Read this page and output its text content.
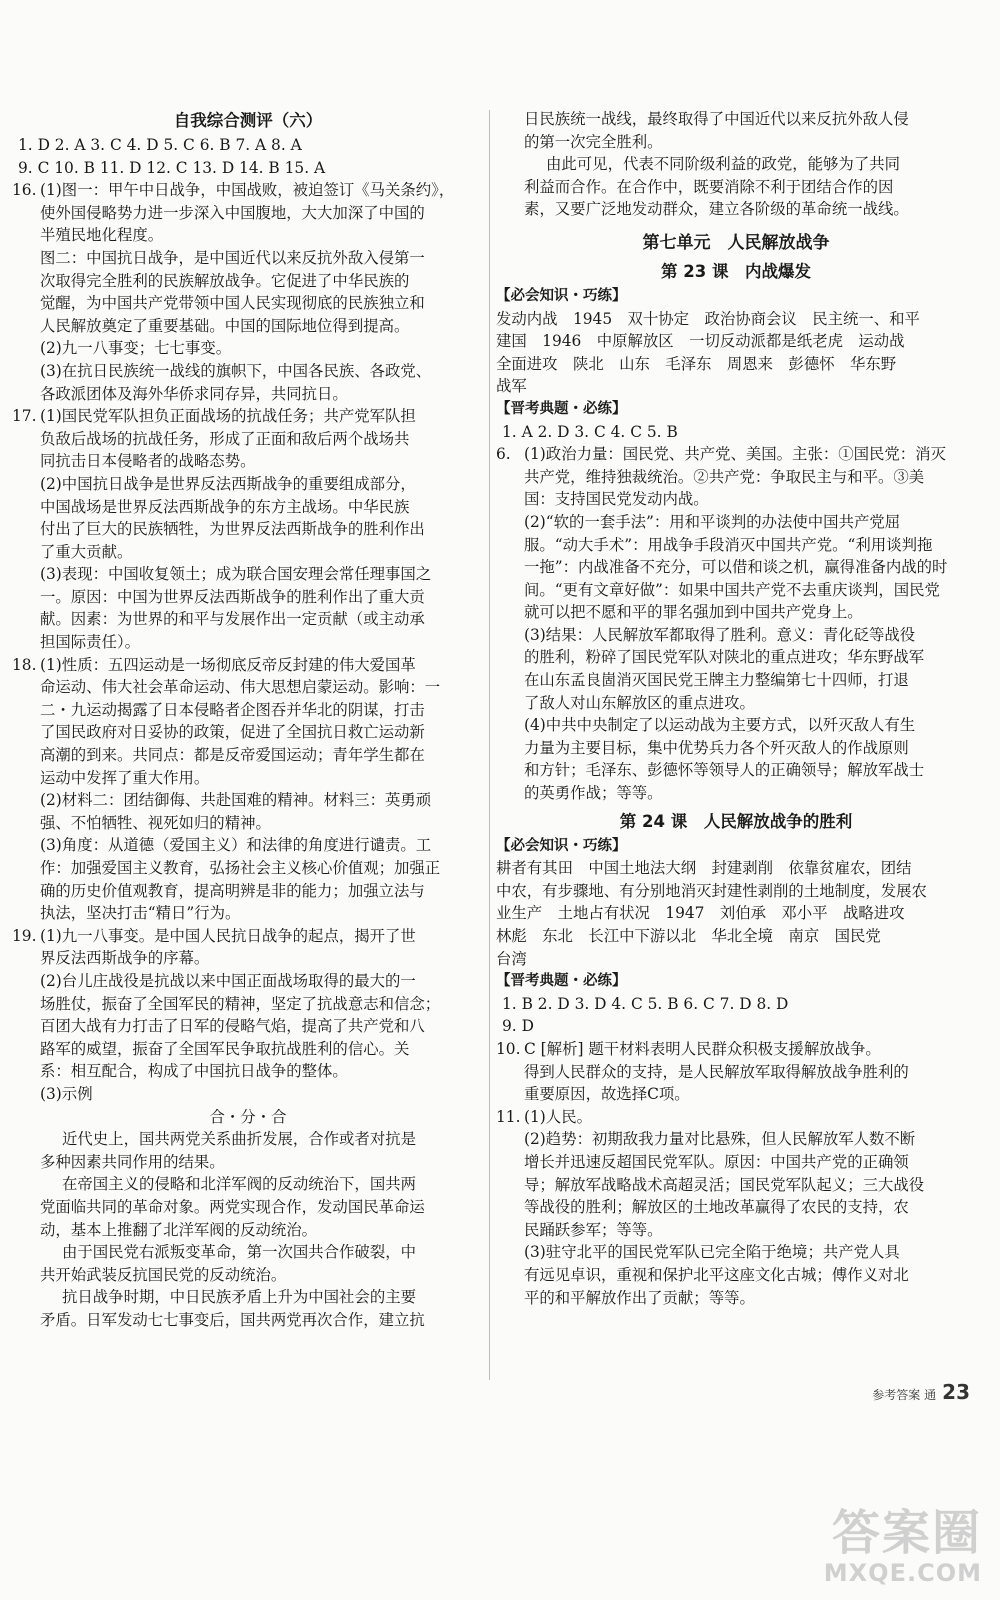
自我综合测评（六）

1. D 2. A 3. C 4. D 5. C 6. B 7. A 8. A

9. C 10. B 11. D 12. C 13. D 14. B 15. A

16. (1)图一：甲午中日战争，中国战败，被迫签订《马关条约》，

使外国侵略势力进一步深入中国腹地，大大加深了中国的

半殖民地化程度。

图二：中国抗日战争，是中国近代以来反抗外敌入侵第一

次取得完全胜利的民族解放战争。它促进了中华民族的

觉醒，为中国共产党带领中国人民实现彻底的民族独立和

人民解放奠定了重要基础。中国的国际地位得到提高。

(2)九一八事变；七七事变。

(3)在抗日民族统一战线的旗帜下，中国各民族、各政党、

各政派团体及海外华侨求同存异，共同抗日。

17. (1)国民党军队担负正面战场的抗战任务；共产党军队担

负敌后战场的抗战任务，形成了正面和敌后两个战场共

同抗击日本侵略者的战略态势。

(2)中国抗日战争是世界反法西斯战争的重要组成部分，

中国战场是世界反法西斯战争的东方主战场。中华民族

付出了巨大的民族牺牲，为世界反法西斯战争的胜利作出

了重大贡献。

(3)表现：中国收复领土；成为联合国安理会常任理事国之

一。原因：中国为世界反法西斯战争的胜利作出了重大贡

献。因素：为世界的和平与发展作出一定贡献（或主动承

担国际责任）。

18. (1)性质：五四运动是一场彻底反帝反封建的伟大爱国革

命运动、伟大社会革命运动、伟大思想启蒙运动。影响：一

二・九运动揭露了日本侵略者企图吞并华北的阴谋，打击

了国民政府对日妥协的政策，促进了全国抗日救亡运动新

高潮的到来。共同点：都是反帝爱国运动；青年学生都在

运动中发挥了重大作用。

(2)材料二：团结御侮、共赴国难的精神。材料三：英勇顽

强、不怕牺牲、视死如归的精神。

(3)角度：从道德（爱国主义）和法律的角度进行谴责。工

作：加强爱国主义教育，弘扬社会主义核心价值观；加强正

确的历史价值观教育，提高明辨是非的能力；加强立法与

执法，坚决打击“精日”行为。

19. (1)九一八事变。是中国人民抗日战争的起点，揭开了世

界反法西斯战争的序幕。

(2)台儿庄战役是抗战以来中国正面战场取得的最大的一

场胜仗，振奋了全国军民的精神，坚定了抗战意志和信念；

百团大战有力打击了日军的侵略气焰，提高了共产党和八

路军的威望，振奋了全国军民争取抗战胜利的信心。关

系：相互配合，构成了中国抗日战争的整体。

(3)示例

合・分・合

近代史上，国共两党关系曲折发展，合作或者对抗是

多种因素共同作用的结果。

在帝国主义的侵略和北洋军阀的反动统治下，国共两

党面临共同的革命对象。两党实现合作，发动国民革命运

动，基本上推翻了北洋军阀的反动统治。

由于国民党右派叛变革命，第一次国共合作破裂，中

共开始武装反抗国民党的反动统治。

抗日战争时期，中日民族矛盾上升为中国社会的主要

矛盾。日军发动七七事变后，国共两党再次合作，建立抗

日民族统一战线，最终取得了中国近代以来反抗外敌人侵

的第一次完全胜利。

由此可见，代表不同阶级利益的政党，能够为了共同

利益而合作。在合作中，既要消除不利于团结合作的因

素，又要广泛地发动群众，建立各阶级的革命统一战线。

第七单元　人民解放战争

第 23 课　内战爆发

【必会知识・巧练】

发动内战　1945　双十协定　政治协商会议　民主统一、和平

建国　1946　中原解放区　一切反动派都是纸老虎　运动战

全面进攻　陕北　山东　毛泽东　周恩来　彭德怀　华东野

战军

【晋考典题・必练】

1. A 2. D 3. C 4. C 5. B

6. (1)政治力量：国民党、共产党、美国。主张：①国民党：消灭

共产党，维持独裁统治。②共产党：争取民主与和平。③美

国：支持国民党发动内战。

(2)“软的一套手法”：用和平谈判的办法使中国共产党屈

服。“动大手术”：用战争手段消灭中国共产党。“利用谈判拖

一拖”：内战准备不充分，可以借和谈之机，赢得准备内战的时

间。“更有文章好做”：如果中国共产党不去重庆谈判，国民党

就可以把不愿和平的罪名强加到中国共产党身上。

(3)结果：人民解放军都取得了胜利。意义：青化砭等战役

的胜利，粉碎了国民党军队对陕北的重点进攻；华东野战军

在山东孟良崮消灭国民党王牌主力整编第七十四师，打退

了敌人对山东解放区的重点进攻。

(4)中共中央制定了以运动战为主要方式，以歼灭敌人有生

力量为主要目标，集中优势兵力各个歼灭敌人的作战原则

和方针；毛泽东、彭德怀等领导人的正确领导；解放军战士

的英勇作战；等等。

第 24 课　人民解放战争的胜利

【必会知识・巧练】

耕者有其田　中国土地法大纲　封建剥削　依靠贫雇农，团结

中农，有步骤地、有分别地消灭封建性剥削的土地制度，发展农

业生产　土地占有状况　1947　刘伯承　邓小平　战略进攻

林彪　东北　长江中下游以北　华北全境　南京　国民党

台湾

【晋考典题・必练】

1. B 2. D 3. D 4. C 5. B 6. C 7. D 8. D

9. D

10. C [解析] 题干材料表明人民群众积极支援解放战争。

得到人民群众的支持，是人民解放军取得解放战争胜利的

重要原因，故选择C项。

11. (1)人民。

(2)趋势：初期敌我力量对比悬殊，但人民解放军人数不断

增长并迅速反超国民党军队。原因：中国共产党的正确领

导；解放军战略战术高超灵活；国民党军队起义；三大战役

等战役的胜利；解放区的土地改革赢得了农民的支持，农

民踊跃参军；等等。

(3)驻守北平的国民党军队已完全陷于绝境；共产党人具

有远见卓识，重视和保护北平这座文化古城；傅作义对北

平的和平解放作出了贡献；等等。

参考答案 通 23
答案圈
MXQE.COM
